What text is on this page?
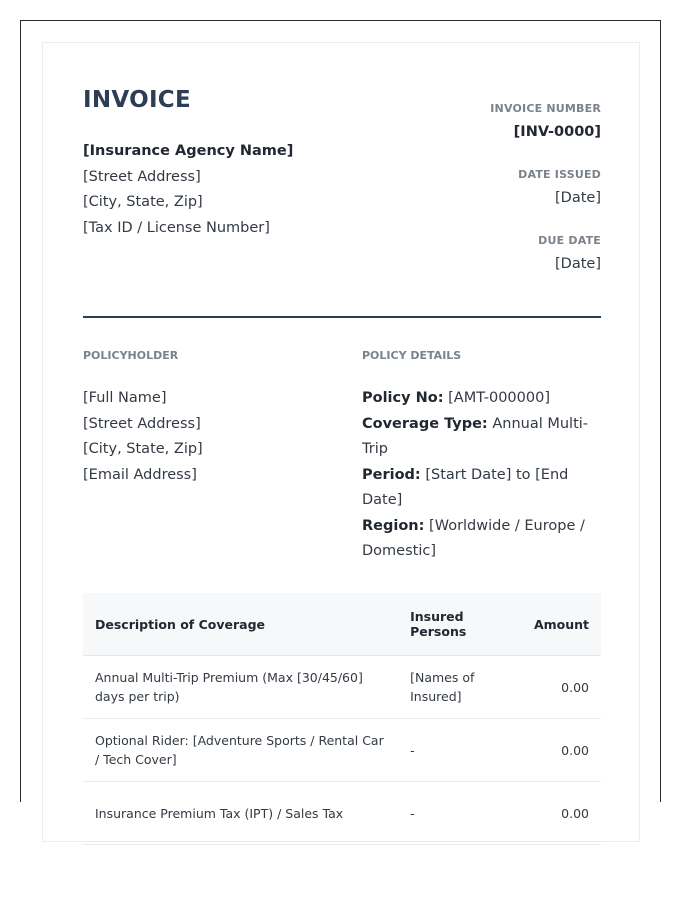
INVOICE
[Insurance Agency Name]
[Street Address]
[City, State, Zip]
[Tax ID / License Number]
INVOICE NUMBER
[INV-0000]
DATE ISSUED
[Date]
DUE DATE
[Date]
POLICYHOLDER	POLICY DETAILS
[Full Name]
[Street Address]
[City, State, Zip]
[Email Address]
Policy No: [AMT-000000]
Coverage Type: Annual Multi-Trip
Period: [Start Date] to [End Date]
Region: [Worldwide / Europe / Domestic]
Description of Coverage	Insured Persons	Amount
Annual Multi-Trip Premium (Max [30/45/60] days per trip)	[Names of Insured]	0.00
Optional Rider: [Adventure Sports / Rental Car / Tech Cover]	-	0.00
Insurance Premium Tax (IPT) / Sales Tax	-	0.00
